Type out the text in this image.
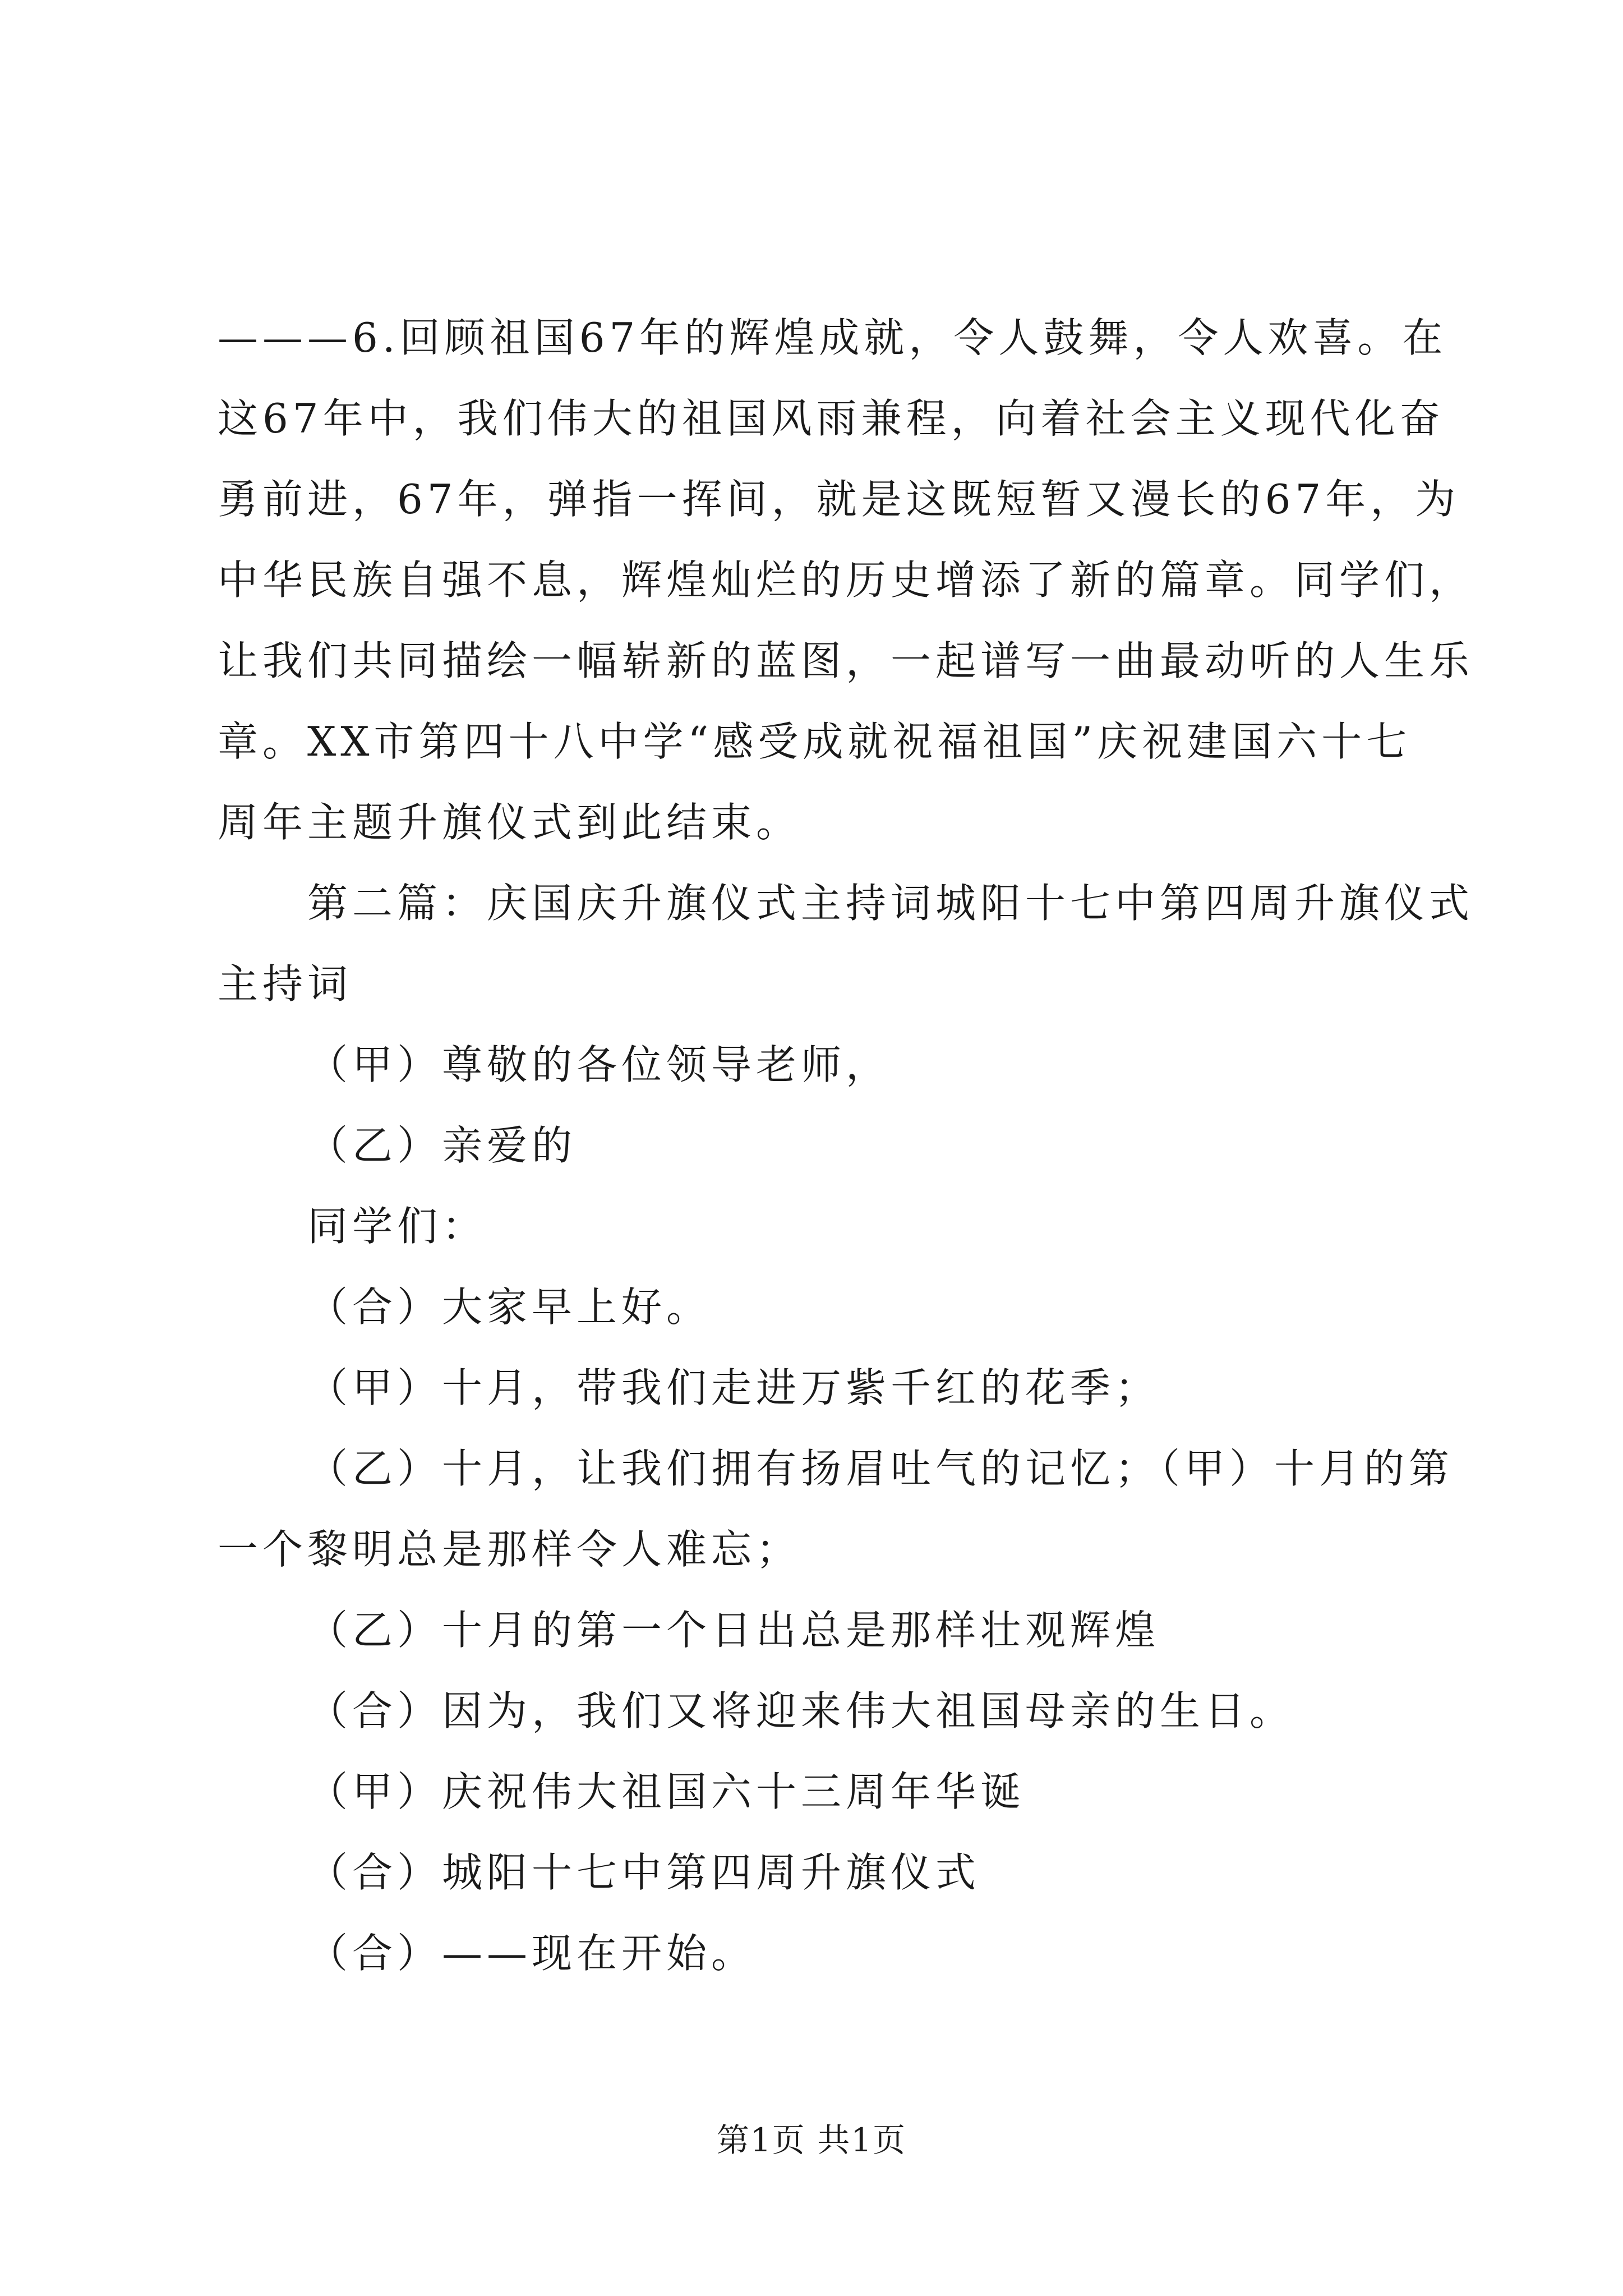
———6.回顾祖国67年的辉煌成就，令人鼓舞，令人欢喜。在
这67年中，我们伟大的祖国风雨兼程，向着社会主义现代化奋
勇前进，67年，弹指一挥间，就是这既短暂又漫长的67年，为
中华民族自强不息，辉煌灿烂的历史增添了新的篇章。同学们，
让我们共同描绘一幅崭新的蓝图，一起谱写一曲最动听的人生乐
章。XX市第四十八中学“感受成就祝福祖国”庆祝建国六十七
周年主题升旗仪式到此结束。
第二篇：庆国庆升旗仪式主持词城阳十七中第四周升旗仪式
主持词
（甲）尊敬的各位领导老师，
（乙）亲爱的
同学们：
（合）大家早上好。
（甲）十月，带我们走进万紫千红的花季；
（乙）十月，让我们拥有扬眉吐气的记忆；（甲）十月的第
一个黎明总是那样令人难忘；
（乙）十月的第一个日出总是那样壮观辉煌
（合）因为，我们又将迎来伟大祖国母亲的生日。
（甲）庆祝伟大祖国六十三周年华诞
（合）城阳十七中第四周升旗仪式
（合）——现在开始。
第1页 共1页
